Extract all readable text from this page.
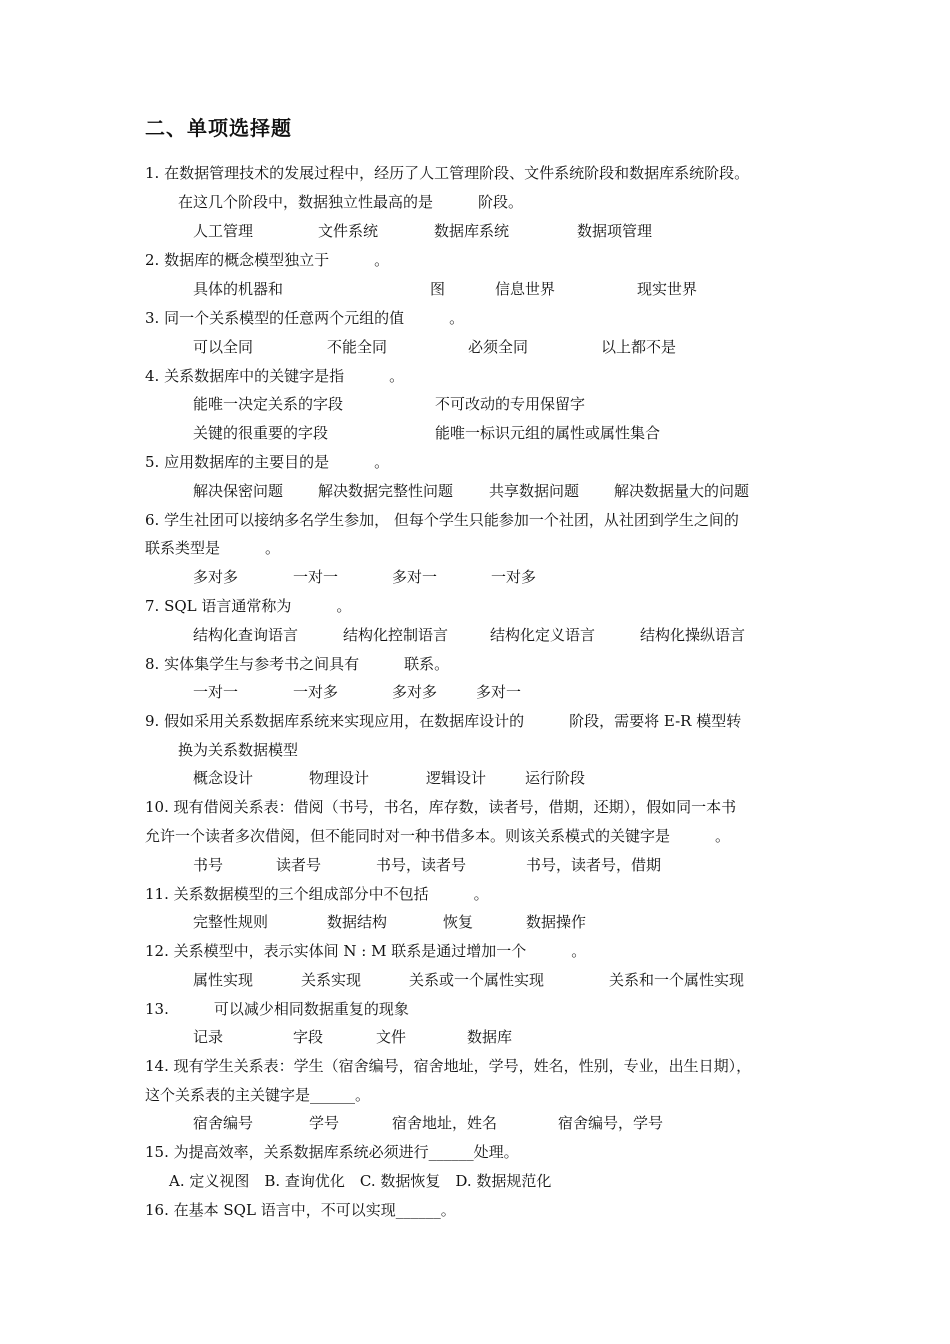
二、单项选择题
1. 在数据管理技术的发展过程中，经历了人工管理阶段、文件系统阶段和数据库系统阶段。
在这几个阶段中，数据独立性最高的是　　　阶段。
人工管理	文件系统	数据库系统	数据项管理
2. 数据库的概念模型独立于　　　。
具体的机器和	图	信息世界	现实世界
3. 同一个关系模型的任意两个元组的值　　　。
可以全同	不能全同	必须全同	以上都不是
4. 关系数据库中的关键字是指　　　。
能唯一决定关系的字段	不可改动的专用保留字
关键的很重要的字段	能唯一标识元组的属性或属性集合
5. 应用数据库的主要目的是　　　。
解决保密问题 解决数据完整性问题 共享数据问题 解决数据量大的问题
6. 学生社团可以接纳多名学生参加， 但每个学生只能参加一个社团，从社团到学生之间的
联系类型是　　　。
多对多	一对一	多对一	一对多
7. SQL 语言通常称为　　　。
结构化查询语言	结构化控制语言	结构化定义语言	结构化操纵语言
8. 实体集学生与参考书之间具有　　　联系。
一对一	一对多	多对多	多对一
9. 假如采用关系数据库系统来实现应用，在数据库设计的　　　阶段，需要将 E-R 模型转
换为关系数据模型
概念设计	物理设计	逻辑设计	运行阶段
10. 现有借阅关系表：借阅（书号，书名，库存数，读者号，借期，还期），假如同一本书
允许一个读者多次借阅，但不能同时对一种书借多本。则该关系模式的关键字是　　　。
书号	读者号	书号，读者号	书号，读者号，借期
11. 关系数据模型的三个组成部分中不包括　　　。
完整性规则	数据结构	恢复	数据操作
12. 关系模型中，表示实体间 N : M 联系是通过增加一个　　　。
属性实现	关系实现	关系或一个属性实现	关系和一个属性实现
13.　　　可以减少相同数据重复的现象
记录	字段	文件	数据库
14. 现有学生关系表：学生（宿舍编号，宿舍地址，学号，姓名，性别，专业，出生日期），
这个关系表的主关键字是______。
宿舍编号	学号	宿舍地址，姓名	宿舍编号，学号
15. 为提高效率，关系数据库系统必须进行______处理。
A. 定义视图　B. 查询优化　C. 数据恢复　D. 数据规范化
16. 在基本 SQL 语言中，不可以实现______。
